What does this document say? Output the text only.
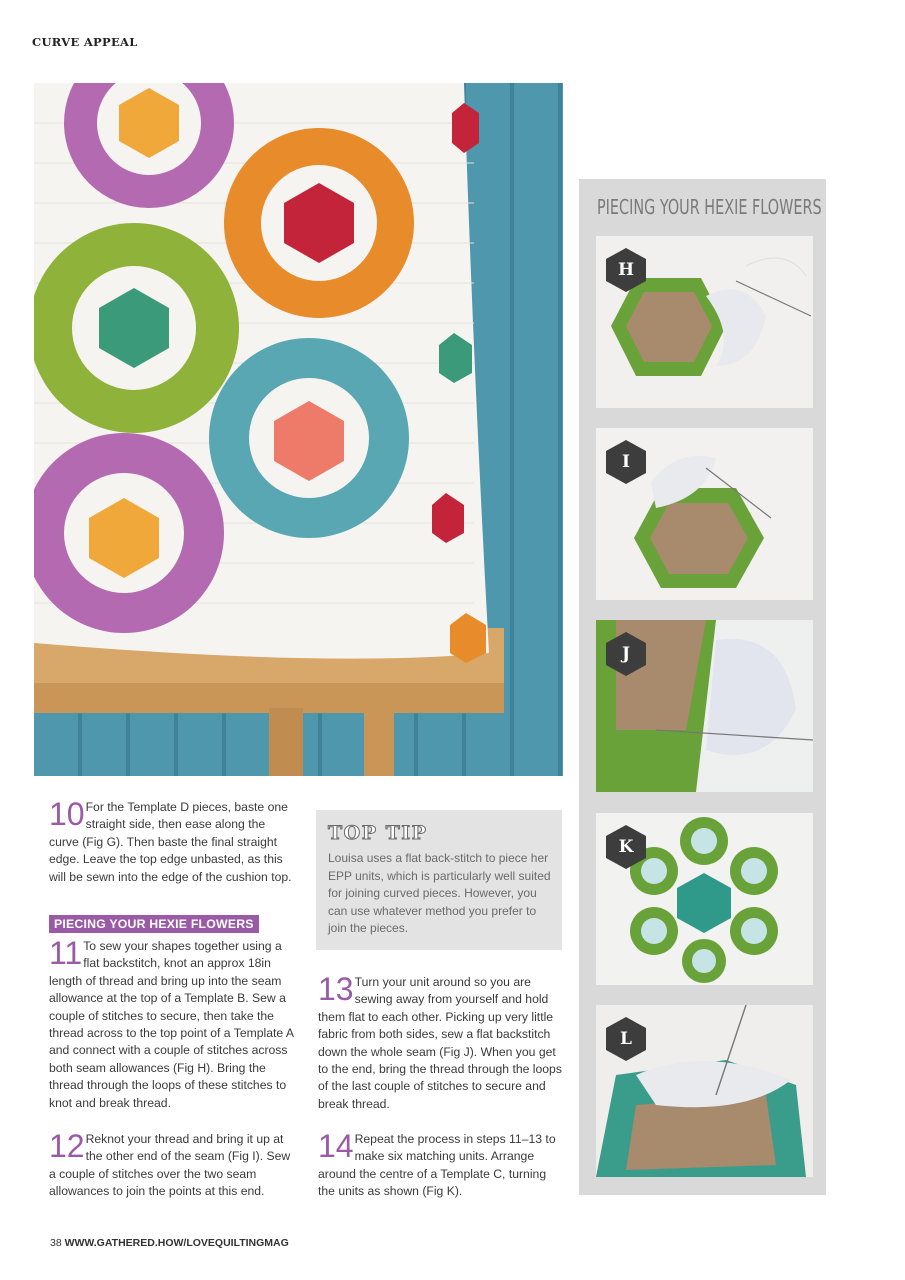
CURVE APPEAL
10 For the Template D pieces, baste one straight side, then ease along the curve (Fig G). Then baste the final straight edge. Leave the top edge unbasted, as this will be sewn into the edge of the cushion top.
PIECING YOUR HEXIE FLOWERS
11 To sew your shapes together using a flat backstitch, knot an approx 18in length of thread and bring up into the seam allowance at the top of a Template B. Sew a couple of stitches to secure, then take the thread across to the top point of a Template A and connect with a couple of stitches across both seam allowances (Fig H). Bring the thread through the loops of these stitches to knot and break thread.
12 Reknot your thread and bring it up at the other end of the seam (Fig I). Sew a couple of stitches over the two seam allowances to join the points at this end.
TOP TIP
Louisa uses a flat back-stitch to piece her EPP units, which is particularly well suited for joining curved pieces. However, you can use whatever method you prefer to join the pieces.
13 Turn your unit around so you are sewing away from yourself and hold them flat to each other. Picking up very little fabric from both sides, sew a flat backstitch down the whole seam (Fig J). When you get to the end, bring the thread through the loops of the last couple of stitches to secure and break thread.
14 Repeat the process in steps 11–13 to make six matching units. Arrange around the centre of a Template C, turning the units as shown (Fig K).
PIECING YOUR HEXIE FLOWERS
H
I
J
K
L
38 WWW.GATHERED.HOW/LOVEQUILTINGMAG
